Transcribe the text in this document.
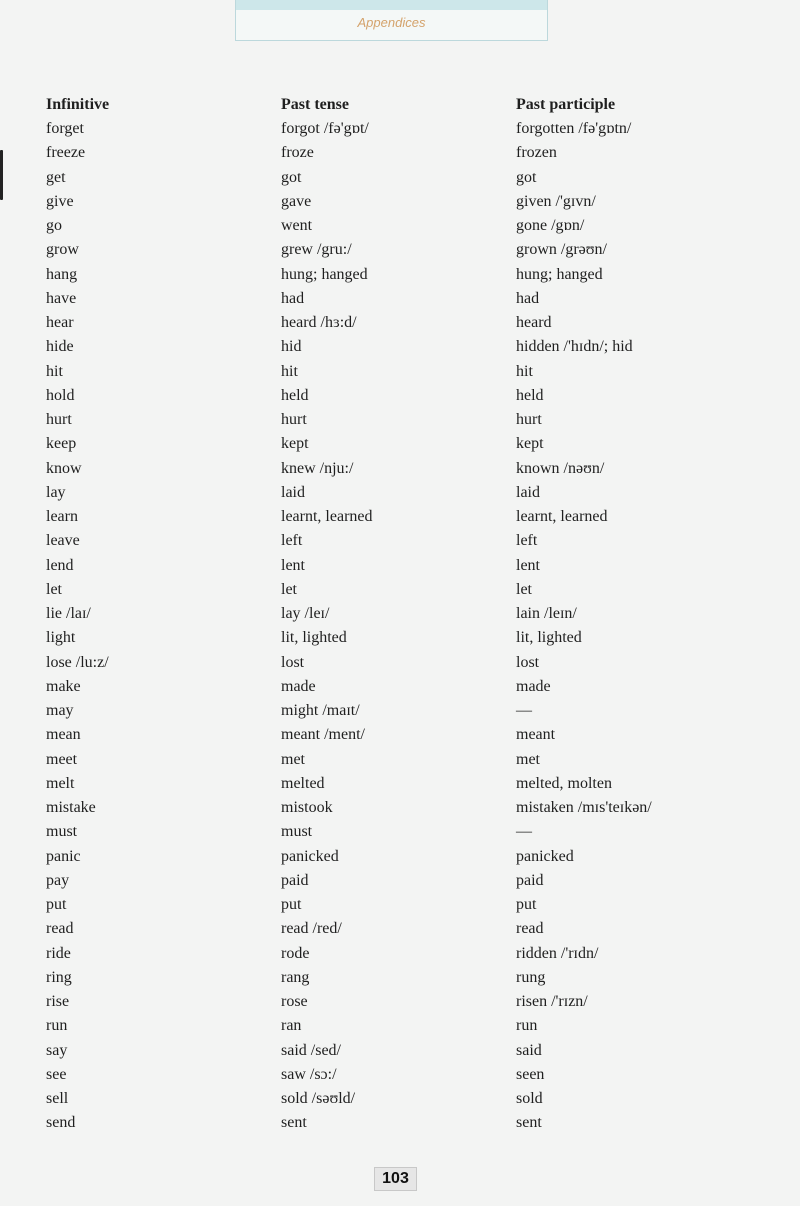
Appendices
Infinitive
forget
freeze
get
give
go
grow
hang
have
hear
hide
hit
hold
hurt
keep
know
lay
learn
leave
lend
let
lie /laɪ/
light
lose /lu:z/
make
may
mean
meet
melt
mistake
must
panic
pay
put
read
ride
ring
rise
run
say
see
sell
send
Past tense
forgot /fə'gɒt/
froze
got
gave
went
grew /gru:/
hung; hanged
had
heard /hɜ:d/
hid
hit
held
hurt
kept
knew /nju:/
laid
learnt, learned
left
lent
let
lay /leɪ/
lit, lighted
lost
made
might /maɪt/
meant /ment/
met
melted
mistook
must
panicked
paid
put
read /red/
rode
rang
rose
ran
said /sed/
saw /sɔ:/
sold /səʊld/
sent
Past participle
forgotten /fə'gɒtn/
frozen
got
given /'gɪvn/
gone /gɒn/
grown /grəʊn/
hung; hanged
had
heard
hidden /'hɪdn/; hid
hit
held
hurt
kept
known /nəʊn/
laid
learnt, learned
left
lent
let
lain /leɪn/
lit, lighted
lost
made
—
meant
met
melted, molten
mistaken /mɪs'teɪkən/
—
panicked
paid
put
read
ridden /'rɪdn/
rung
risen /'rɪzn/
run
said
seen
sold
sent
103
